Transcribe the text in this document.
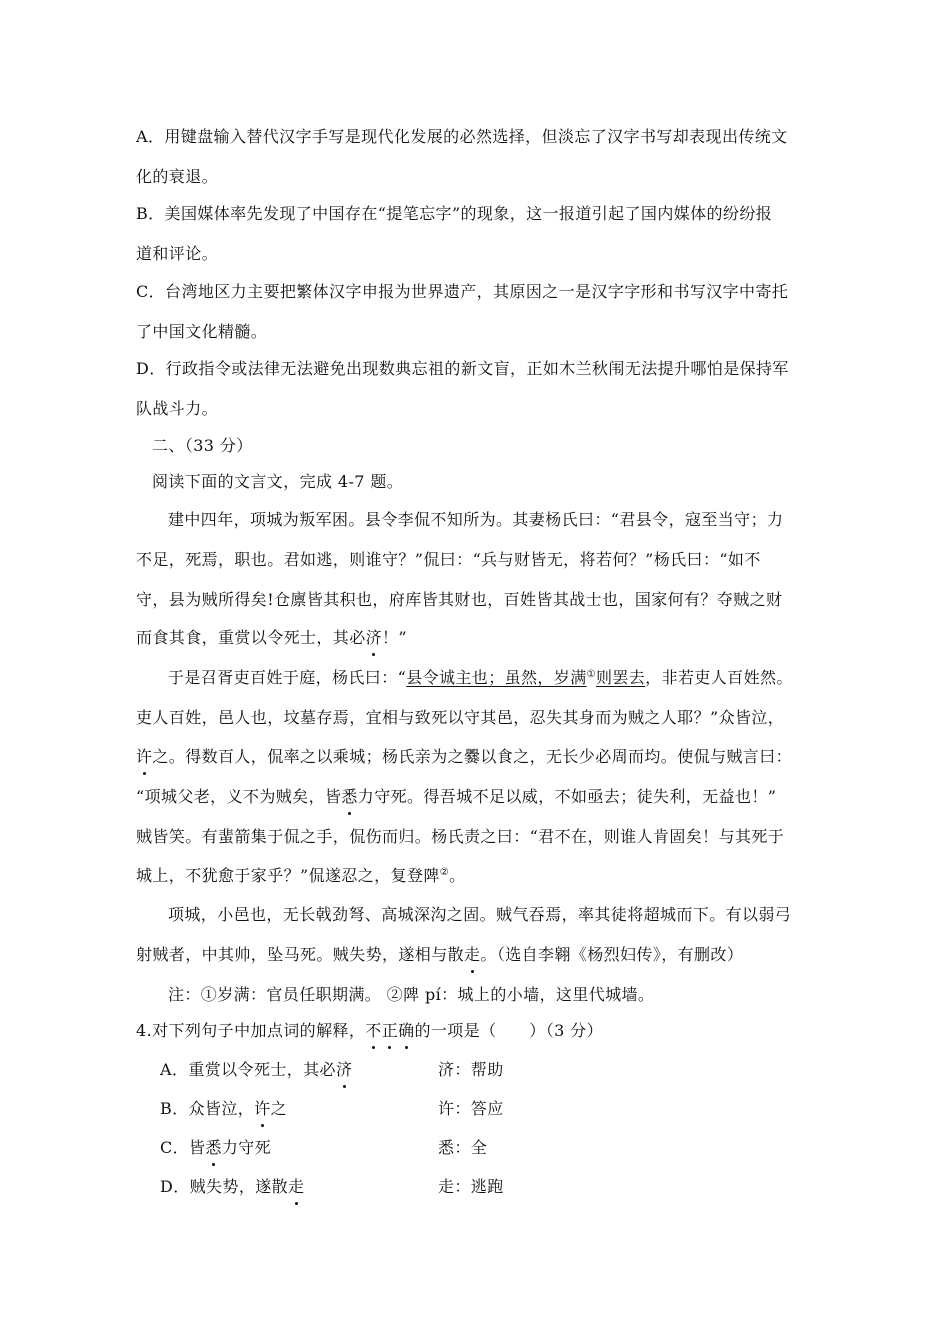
A．用键盘输入替代汉字手写是现代化发展的必然选择，但淡忘了汉字书写却表现出传统文
化的衰退。
B．美国媒体率先发现了中国存在“提笔忘字”的现象，这一报道引起了国内媒体的纷纷报
道和评论。
C．台湾地区力主要把繁体汉字申报为世界遗产，其原因之一是汉字字形和书写汉字中寄托
了中国文化精髓。
D．行政指令或法律无法避免出现数典忘祖的新文盲，正如木兰秋闱无法提升哪怕是保持军
队战斗力。
二、（33 分）
阅读下面的文言文，完成 4-7 题。
建中四年，项城为叛军困。县令李侃不知所为。其妻杨氏曰：“君县令，寇至当守；力
不足，死焉，职也。君如逃，则谁守？”侃曰：“兵与财皆无，将若何？”杨氏曰：“如不
守，县为贼所得矣!仓廪皆其积也，府库皆其财也，百姓皆其战士也，国家何有？夺贼之财
而食其食，重赏以令死士，其必济！”
于是召胥吏百姓于庭，杨氏曰：“县令诚主也；虽然，岁满①则罢去，非若吏人百姓然。
吏人百姓，邑人也，坟墓存焉，宜相与致死以守其邑，忍失其身而为贼之人耶？”众皆泣，
许之。得数百人，侃率之以乘城；杨氏亲为之爨以食之，无长少必周而均。使侃与贼言曰：
“项城父老，义不为贼矣，皆悉力守死。得吾城不足以威，不如亟去；徒失利，无益也！”
贼皆笑。有蜚箭集于侃之手，侃伤而归。杨氏责之曰：“君不在，则谁人肯固矣！与其死于
城上，不犹愈于家乎？”侃遂忍之，复登陴②。
项城，小邑也，无长戟劲弩、高城深沟之固。贼气吞焉，率其徒将超城而下。有以弱弓
射贼者，中其帅，坠马死。贼失势，遂相与散走。（选自李翱《杨烈妇传》，有删改）
注：①岁满：官员任职期满。 ②陴 pí：城上的小墙，这里代城墙。
4.对下列句子中加点词的解释，不正确的一项是（　　）（3 分）
A．重赏以令死士，其必济	济：帮助
B．众皆泣，许之	许：答应
C．皆悉力守死	悉：全
D．贼失势，遂散走	走：逃跑
